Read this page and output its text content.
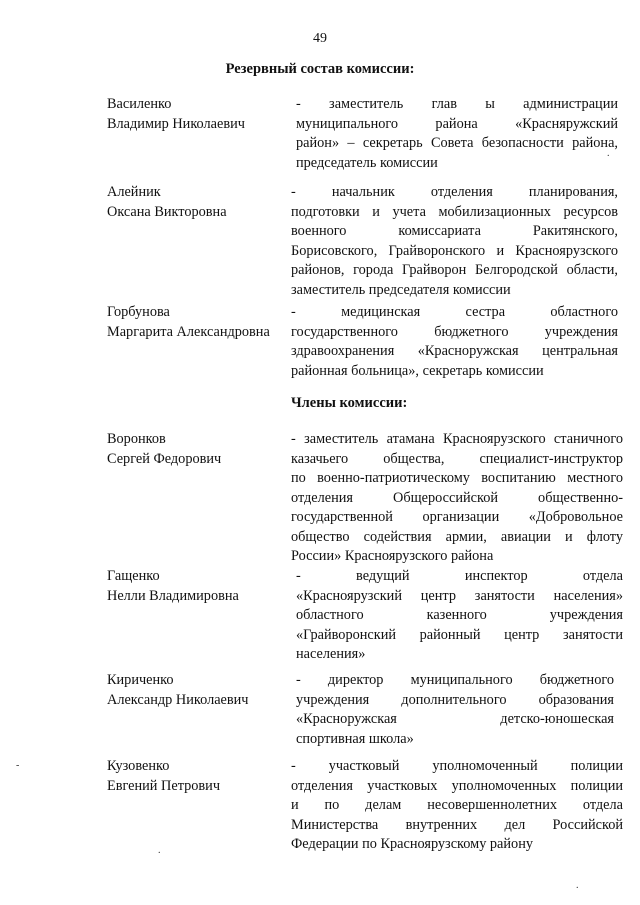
49
Резервный состав комиссии:
Василенко
Владимир Николаевич
- заместитель глав ы администрации
муниципального района «Красняружский
район» – секретарь Совета безопасности района,
председатель комиссии
Алейник
Оксана Викторовна
- начальник отделения планирования,
подготовки и учета мобилизационных ресурсов
военного комиссариата Ракитянского,
Борисовского, Грайворонского и Красноярузского
районов, города Грайворон Белгородской области,
заместитель председателя комиссии
Горбунова
Маргарита Александровна
- медицинская сестра областного
государственного бюджетного учреждения
здравоохранения «Красноружская центральная
районная больница», секретарь комиссии
Члены комиссии:
Воронков
Сергей Федорович
- заместитель атамана Красноярузского станичного
казачьего общества, специалист-инструктор
по военно-патриотическому воспитанию местного
отделения Общероссийской общественно-
государственной организации «Добровольное
общество содействия армии, авиации и флоту
России» Красноярузского района
Гащенко
Нелли Владимировна
- ведущий инспектор отдела
«Красноярузский центр занятости населения»
областного казенного учреждения
«Грайворонский районный центр занятости
населения»
Кириченко
Александр Николаевич
- директор муниципального бюджетного
учреждения дополнительного образования
«Красноружская детско-юношеская
спортивная школа»
Кузовенко
Евгений Петрович
- участковый уполномоченный полиции
отделения участковых уполномоченных полиции
и по делам несовершеннолетних отдела
Министерства внутренних дел Российской
Федерации по Красноярузскому району
-
.
.
.
